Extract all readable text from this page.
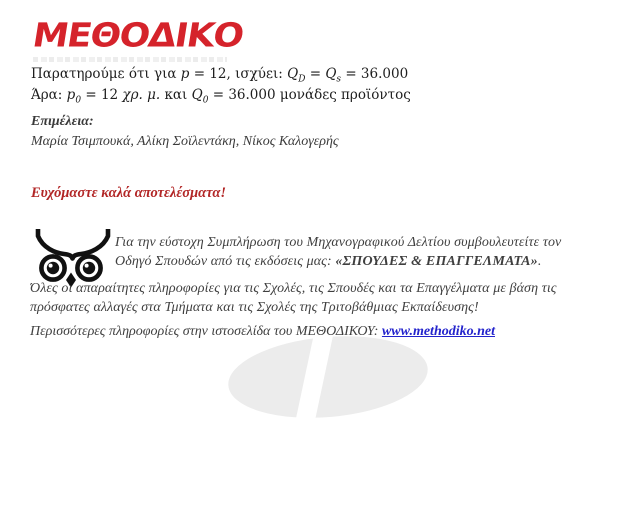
ΜΕΘΟΔΙΚΟ

Παρατηρούμε ότι για p = 12, ισχύει: $Q_D = Q_s = 36.000$

Άρα: $p_0 = 12$ χρ. μ. και $Q_0 = 36.000$ μονάδες προϊόντος

Επιμέλεια:
Μαρία Τσιμπουκά, Αλίκη Σοϊλεντάκη, Νίκος Καλογερής
Ευχόμαστε καλά αποτελέσματα!
Για την εύστοχη Συμπλήρωση του Μηχανογραφικού Δελτίου συμβουλευτείτε τον
Οδηγό Σπουδών από τις εκδόσεις μας: «ΣΠΟΥΔΕΣ & ΕΠΑΓΓΕΛΜΑΤΑ».
Όλες οι απαραίτητες πληροφορίες για τις Σχολές, τις Σπουδές και τα Επαγγέλματα με βάση τις πρόσφατες αλλαγές στα Τμήματα και τις Σχολές της Τριτοβάθμιας Εκπαίδευσης!
Περισσότερες πληροφορίες στην ιστοσελίδα του ΜΕΘΟΔΙΚΟΥ: www.methodiko.net
